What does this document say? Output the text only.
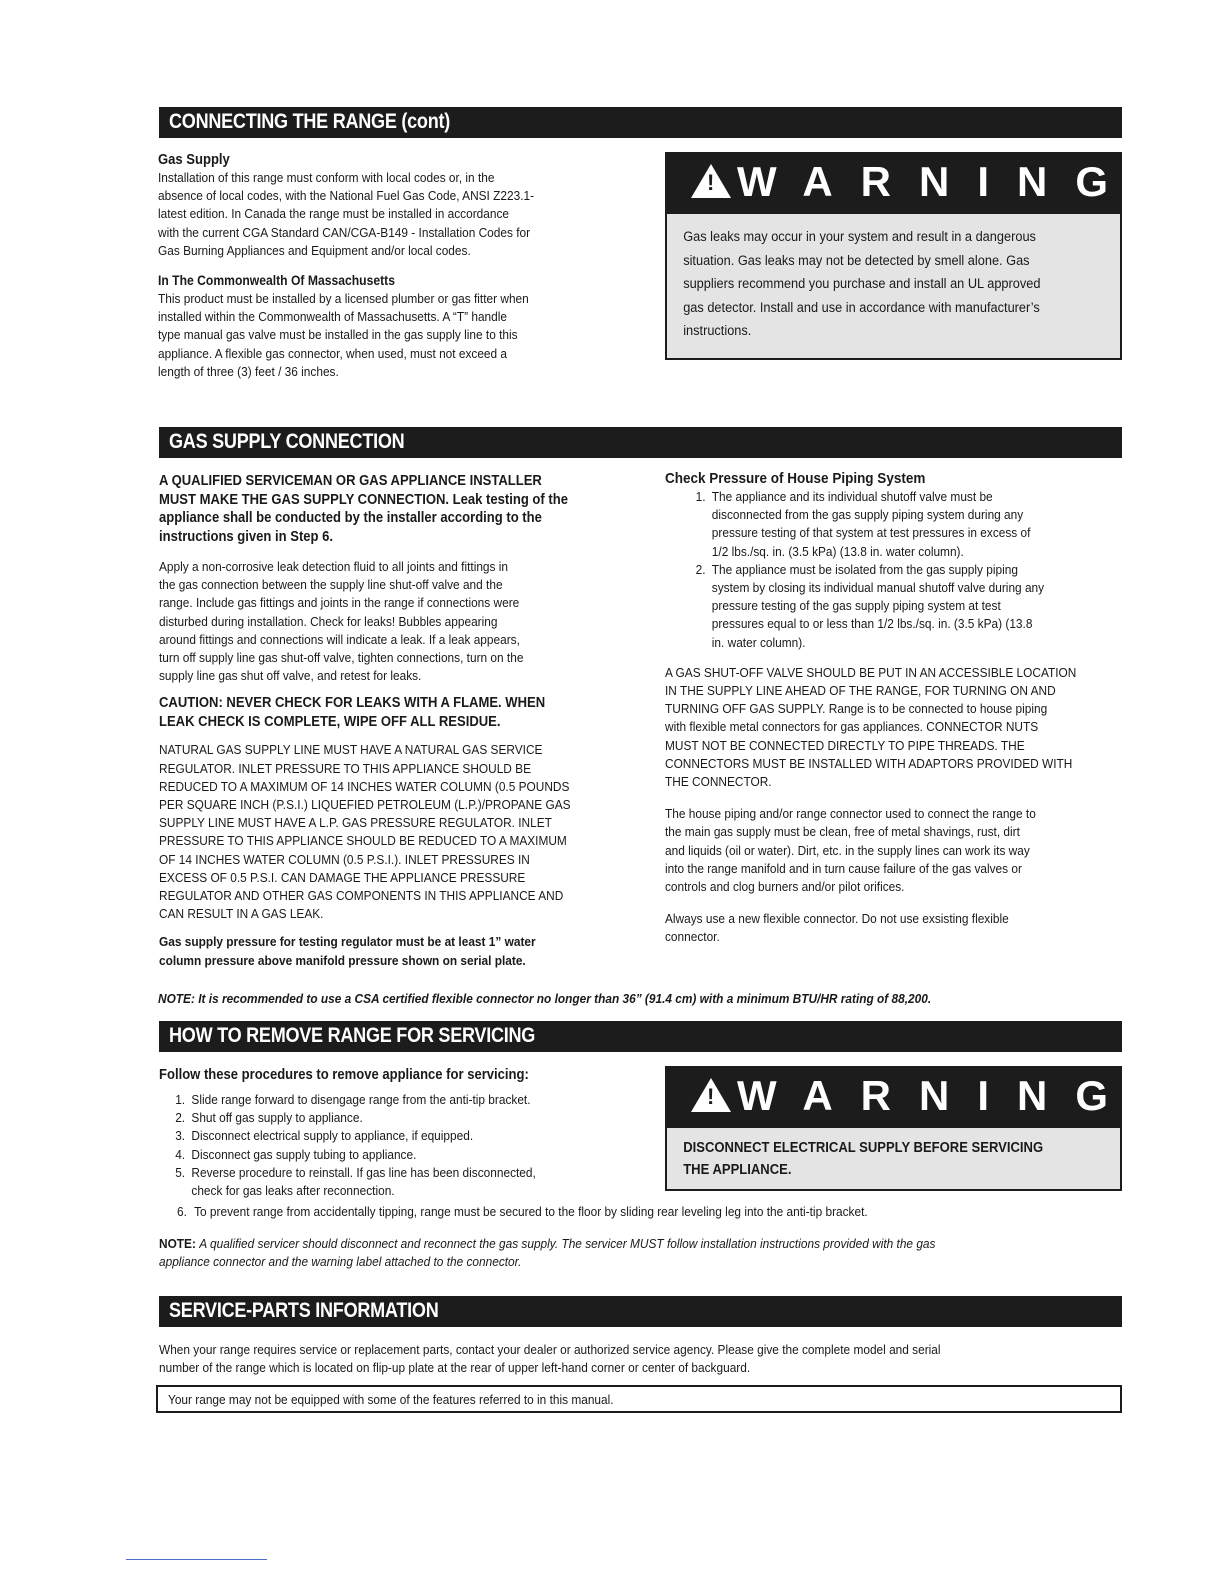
CONNECTING THE RANGE (cont)

Gas Supply

Installation of this range must conform with local codes or, in the

absence of local codes, with the National Fuel Gas Code, ANSI Z223.1-

latest edition. In Canada the range must be installed in accordance

with the current CGA Standard CAN/CGA-B149 - Installation Codes for

Gas Burning Appliances and Equipment and/or local codes.

In The Commonwealth Of Massachusetts

This product must be installed by a licensed plumber or gas fitter when

installed within the Commonwealth of Massachusetts. A “T” handle

type manual gas valve must be installed in the gas supply line to this

appliance. A flexible gas connector, when used, must not exceed a

length of three (3) feet / 36 inches.

! WARNING

Gas leaks may occur in your system and result in a dangerous

situation. Gas leaks may not be detected by smell alone. Gas

suppliers recommend you purchase and install an UL approved

gas detector. Install and use in accordance with manufacturer’s

instructions.

GAS SUPPLY CONNECTION

A QUALIFIED SERVICEMAN OR GAS APPLIANCE INSTALLER

MUST MAKE THE GAS SUPPLY CONNECTION. Leak testing of the

appliance shall be conducted by the installer according to the

instructions given in Step 6.

Apply a non-corrosive leak detection fluid to all joints and fittings in

the gas connection between the supply line shut-off valve and the

range. Include gas fittings and joints in the range if connections were

disturbed during installation. Check for leaks! Bubbles appearing

around fittings and connections will indicate a leak. If a leak appears,

turn off supply line gas shut-off valve, tighten connections, turn on the

supply line gas shut off valve, and retest for leaks.

CAUTION: NEVER CHECK FOR LEAKS WITH A FLAME. WHEN

LEAK CHECK IS COMPLETE, WIPE OFF ALL RESIDUE.

NATURAL GAS SUPPLY LINE MUST HAVE A NATURAL GAS SERVICE

REGULATOR. INLET PRESSURE TO THIS APPLIANCE SHOULD BE

REDUCED TO A MAXIMUM OF 14 INCHES WATER COLUMN (0.5 POUNDS

PER SQUARE INCH (P.S.I.) LIQUEFIED PETROLEUM (L.P.)/PROPANE GAS

SUPPLY LINE MUST HAVE A L.P. GAS PRESSURE REGULATOR. INLET

PRESSURE TO THIS APPLIANCE SHOULD BE REDUCED TO A MAXIMUM

OF 14 INCHES WATER COLUMN (0.5 P.S.I.). INLET PRESSURES IN

EXCESS OF 0.5 P.S.I. CAN DAMAGE THE APPLIANCE PRESSURE

REGULATOR AND OTHER GAS COMPONENTS IN THIS APPLIANCE AND

CAN RESULT IN A GAS LEAK.

Gas supply pressure for testing regulator must be at least 1” water

column pressure above manifold pressure shown on serial plate.

Check Pressure of House Piping System

1. The appliance and its individual shutoff valve must be

disconnected from the gas supply piping system during any

pressure testing of that system at test pressures in excess of

1/2 lbs./sq. in. (3.5 kPa) (13.8 in. water column).

2. The appliance must be isolated from the gas supply piping

system by closing its individual manual shutoff valve during any

pressure testing of the gas supply piping system at test

pressures equal to or less than 1/2 lbs./sq. in. (3.5 kPa) (13.8

in. water column).

A GAS SHUT-OFF VALVE SHOULD BE PUT IN AN ACCESSIBLE LOCATION

IN THE SUPPLY LINE AHEAD OF THE RANGE, FOR TURNING ON AND

TURNING OFF GAS SUPPLY. Range is to be connected to house piping

with flexible metal connectors for gas appliances. CONNECTOR NUTS

MUST NOT BE CONNECTED DIRECTLY TO PIPE THREADS. THE

CONNECTORS MUST BE INSTALLED WITH ADAPTORS PROVIDED WITH

THE CONNECTOR.

The house piping and/or range connector used to connect the range to

the main gas supply must be clean, free of metal shavings, rust, dirt

and liquids (oil or water). Dirt, etc. in the supply lines can work its way

into the range manifold and in turn cause failure of the gas valves or

controls and clog burners and/or pilot orifices.

Always use a new flexible connector. Do not use exsisting flexible

connector.

NOTE: It is recommended to use a CSA certified flexible connector no longer than 36” (91.4 cm) with a minimum BTU/HR rating of 88,200.

HOW TO REMOVE RANGE FOR SERVICING

Follow these procedures to remove appliance for servicing:

1. Slide range forward to disengage range from the anti-tip bracket.

2. Shut off gas supply to appliance.

3. Disconnect electrical supply to appliance, if equipped.

4. Disconnect gas supply tubing to appliance.

5. Reverse procedure to reinstall. If gas line has been disconnected,

check for gas leaks after reconnection.

6. To prevent range from accidentally tipping, range must be secured to the floor by sliding rear leveling leg into the anti-tip bracket.
! WARNING

DISCONNECT ELECTRICAL SUPPLY BEFORE SERVICING

THE APPLIANCE.

NOTE: A qualified servicer should disconnect and reconnect the gas supply. The servicer MUST follow installation instructions provided with the gas

appliance connector and the warning label attached to the connector.

SERVICE-PARTS INFORMATION

When your range requires service or replacement parts, contact your dealer or authorized service agency. Please give the complete model and serial

number of the range which is located on flip-up plate at the rear of upper left-hand corner or center of backguard.

Your range may not be equipped with some of the features referred to in this manual.
